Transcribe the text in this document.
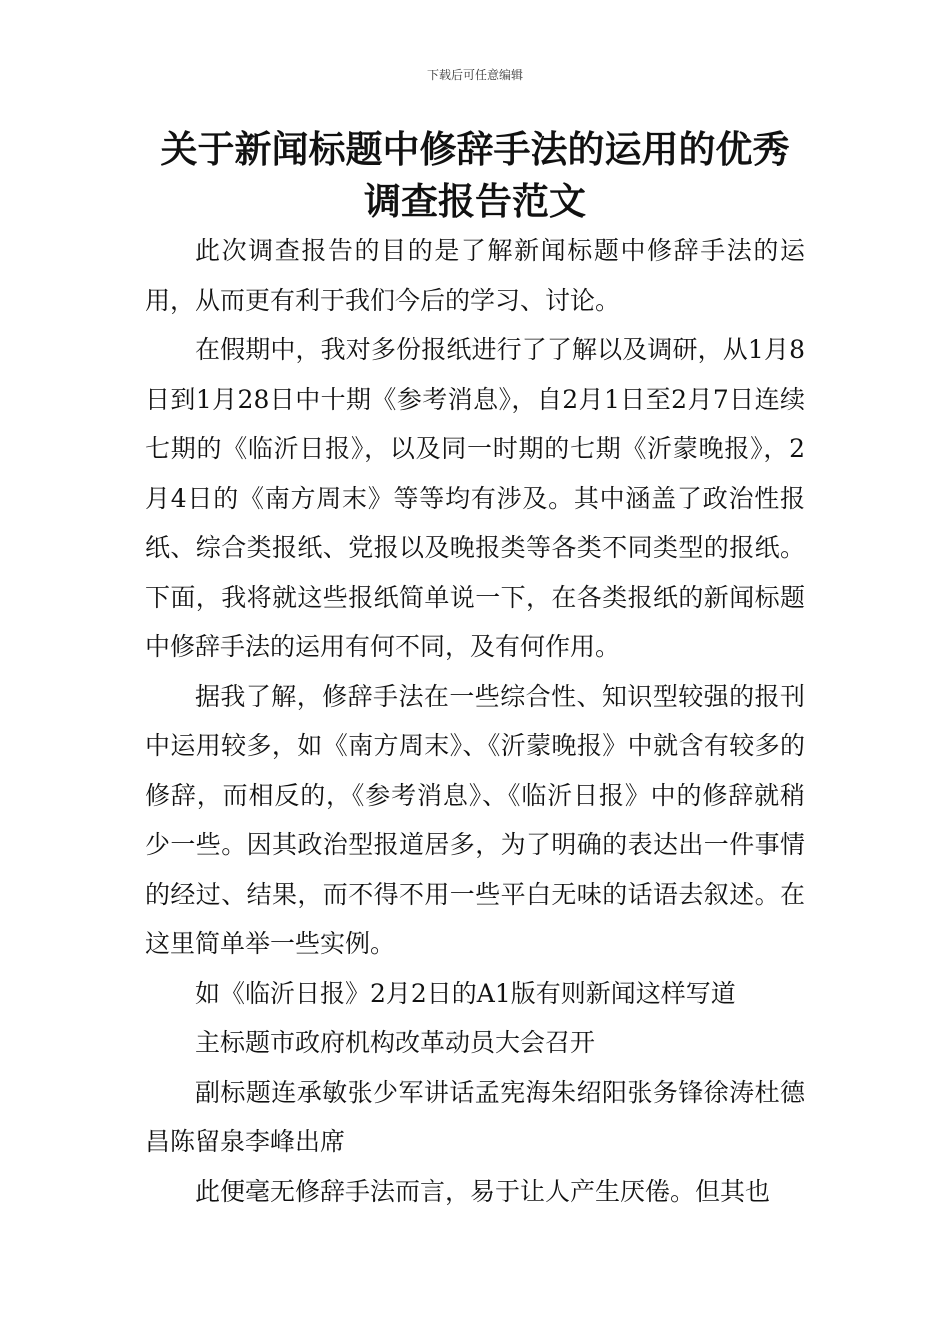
下载后可任意编辑
关于新闻标题中修辞手法的运用的优秀调查报告范文

此次调查报告的目的是了解新闻标题中修辞手法的运用，从而更有利于我们今后的学习、讨论。

在假期中，我对多份报纸进行了了解以及调研，从1月8日到1月28日中十期《参考消息》，自2月1日至2月7日连续七期的《临沂日报》，以及同一时期的七期《沂蒙晚报》，2月4日的《南方周末》等等均有涉及。其中涵盖了政治性报纸、综合类报纸、党报以及晚报类等各类不同类型的报纸。下面，我将就这些报纸简单说一下，在各类报纸的新闻标题中修辞手法的运用有何不同，及有何作用。

据我了解，修辞手法在一些综合性、知识型较强的报刊中运用较多，如《南方周末》、《沂蒙晚报》中就含有较多的修辞，而相反的，《参考消息》、《临沂日报》中的修辞就稍少一些。因其政治型报道居多，为了明确的表达出一件事情的经过、结果，而不得不用一些平白无味的话语去叙述。在这里简单举一些实例。

如《临沂日报》2月2日的A1版有则新闻这样写道

主标题市政府机构改革动员大会召开

副标题连承敏张少军讲话孟宪海朱绍阳张务锋徐涛杜德昌陈留泉李峰出席

此便毫无修辞手法而言，易于让人产生厌倦。但其也
